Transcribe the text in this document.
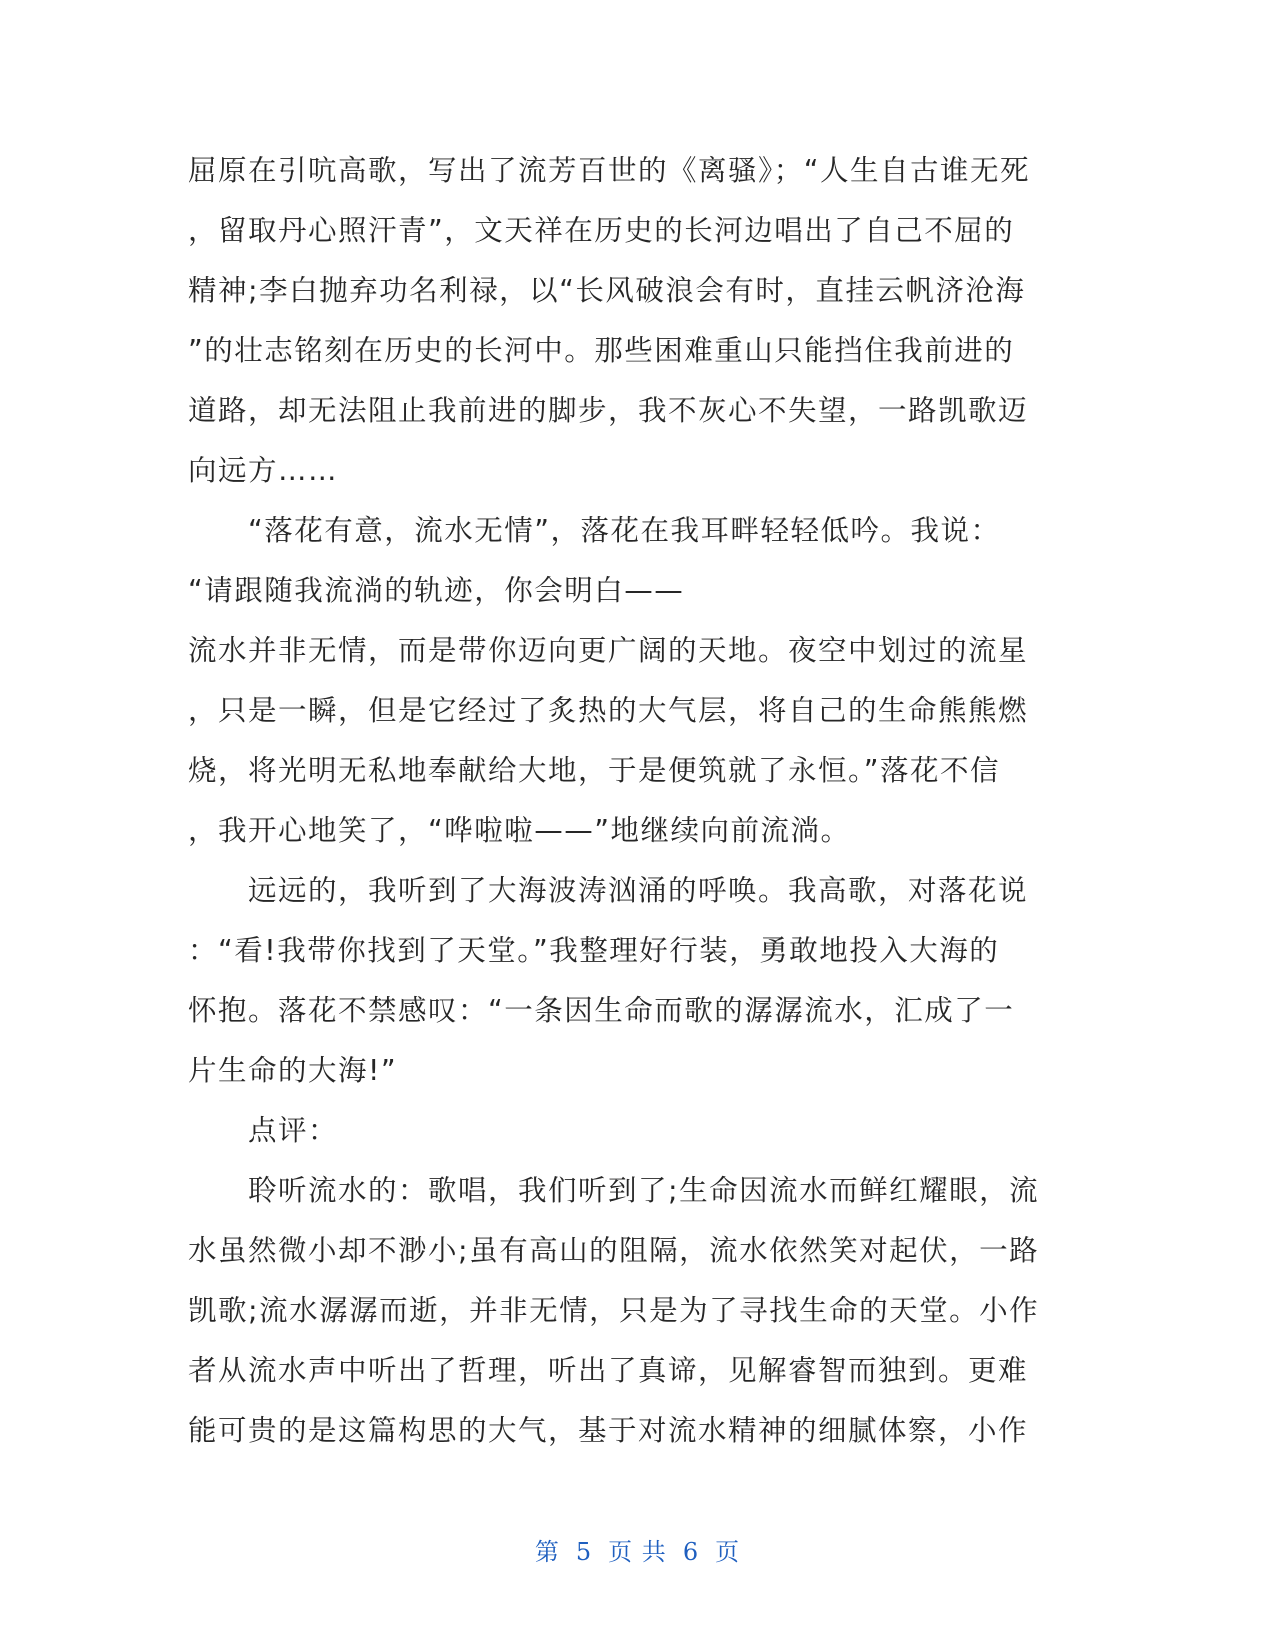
屈原在引吭高歌，写出了流芳百世的《离骚》；“人生自古谁无死
，留取丹心照汗青”，文天祥在历史的长河边唱出了自己不屈的
精神;李白抛弃功名利禄，以“长风破浪会有时，直挂云帆济沧海
”的壮志铭刻在历史的长河中。那些困难重山只能挡住我前进的
道路，却无法阻止我前进的脚步，我不灰心不失望，一路凯歌迈
向远方……
　　“落花有意，流水无情”，落花在我耳畔轻轻低吟。我说：
“请跟随我流淌的轨迹，你会明白——
流水并非无情，而是带你迈向更广阔的天地。夜空中划过的流星
，只是一瞬，但是它经过了炙热的大气层，将自己的生命熊熊燃
烧，将光明无私地奉献给大地，于是便筑就了永恒。”落花不信
，我开心地笑了，“哗啦啦——”地继续向前流淌。
　　远远的，我听到了大海波涛汹涌的呼唤。我高歌，对落花说
：“看!我带你找到了天堂。”我整理好行装，勇敢地投入大海的
怀抱。落花不禁感叹：“一条因生命而歌的潺潺流水，汇成了一
片生命的大海!”
　　点评：
　　聆听流水的：歌唱，我们听到了;生命因流水而鲜红耀眼，流
水虽然微小却不渺小;虽有高山的阻隔，流水依然笑对起伏，一路
凯歌;流水潺潺而逝，并非无情，只是为了寻找生命的天堂。小作
者从流水声中听出了哲理，听出了真谛，见解睿智而独到。更难
能可贵的是这篇构思的大气，基于对流水精神的细腻体察，小作
第 5 页 共 6 页
